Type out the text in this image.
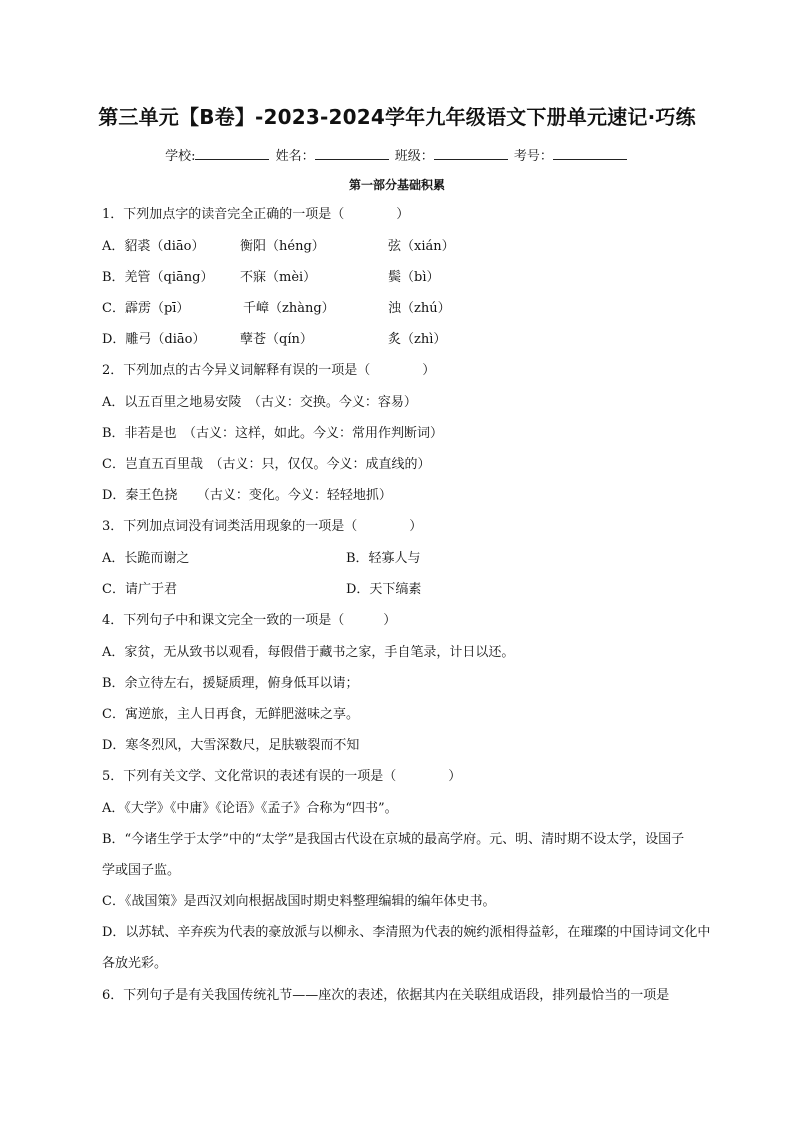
第三单元【B卷】-2023-2024学年九年级语文下册单元速记·巧练
学校:	姓名：	班级：	考号：
第一部分基础积累
1．下列加点字的读音完全正确的一项是（　　　　）
A．貂裘（diāo）	衡阳（héng）	弦（xián）
B．羌管（qiāng） 不寐（mèi）	鬓（bì）
C．霹雳（pī）	千嶂（zhàng）	浊（zhú）
D．雕弓（diāo）	孽苍（qín）	炙（zhì）
2．下列加点的古今异义词解释有误的一项是（　　　　）
A．以五百里之地易安陵　（古义：交换。今义：容易）
B．非若是也　（古义：这样，如此。今义：常用作判断词）
C．岂直五百里哉　（古义：只，仅仅。今义：成直线的）
D．秦王色挠　　（古义：变化。今义：轻轻地抓）
3．下列加点词没有词类活用现象的一项是（　　　　）
A．长跪而谢之	B．轻寡人与
C．请广于君	D．天下缟素
4．下列句子中和课文完全一致的一项是（　　　）
A．家贫，无从致书以观看，每假借于藏书之家，手自笔录，计日以还。
B．余立待左右，援疑质理，俯身低耳以请；
C．寓逆旅，主人日再食，无鲜肥滋味之享。
D．寒冬烈风，大雪深数尺，足肤皲裂而不知
5．下列有关文学、文化常识的表述有误的一项是（　　　　）
A．《大学》《中庸》《论语》《孟子》合称为“四书”。
B．“今诸生学于太学”中的“太学”是我国古代设在京城的最高学府。元、明、清时期不设太学，设国子
学或国子监。
C．《战国策》是西汉刘向根据战国时期史料整理编辑的编年体史书。
D．以苏轼、辛弃疾为代表的豪放派与以柳永、李清照为代表的婉约派相得益彰，在璀璨的中国诗词文化中
各放光彩。
6．下列句子是有关我国传统礼节——座次的表述，依据其内在关联组成语段，排列最恰当的一项是
